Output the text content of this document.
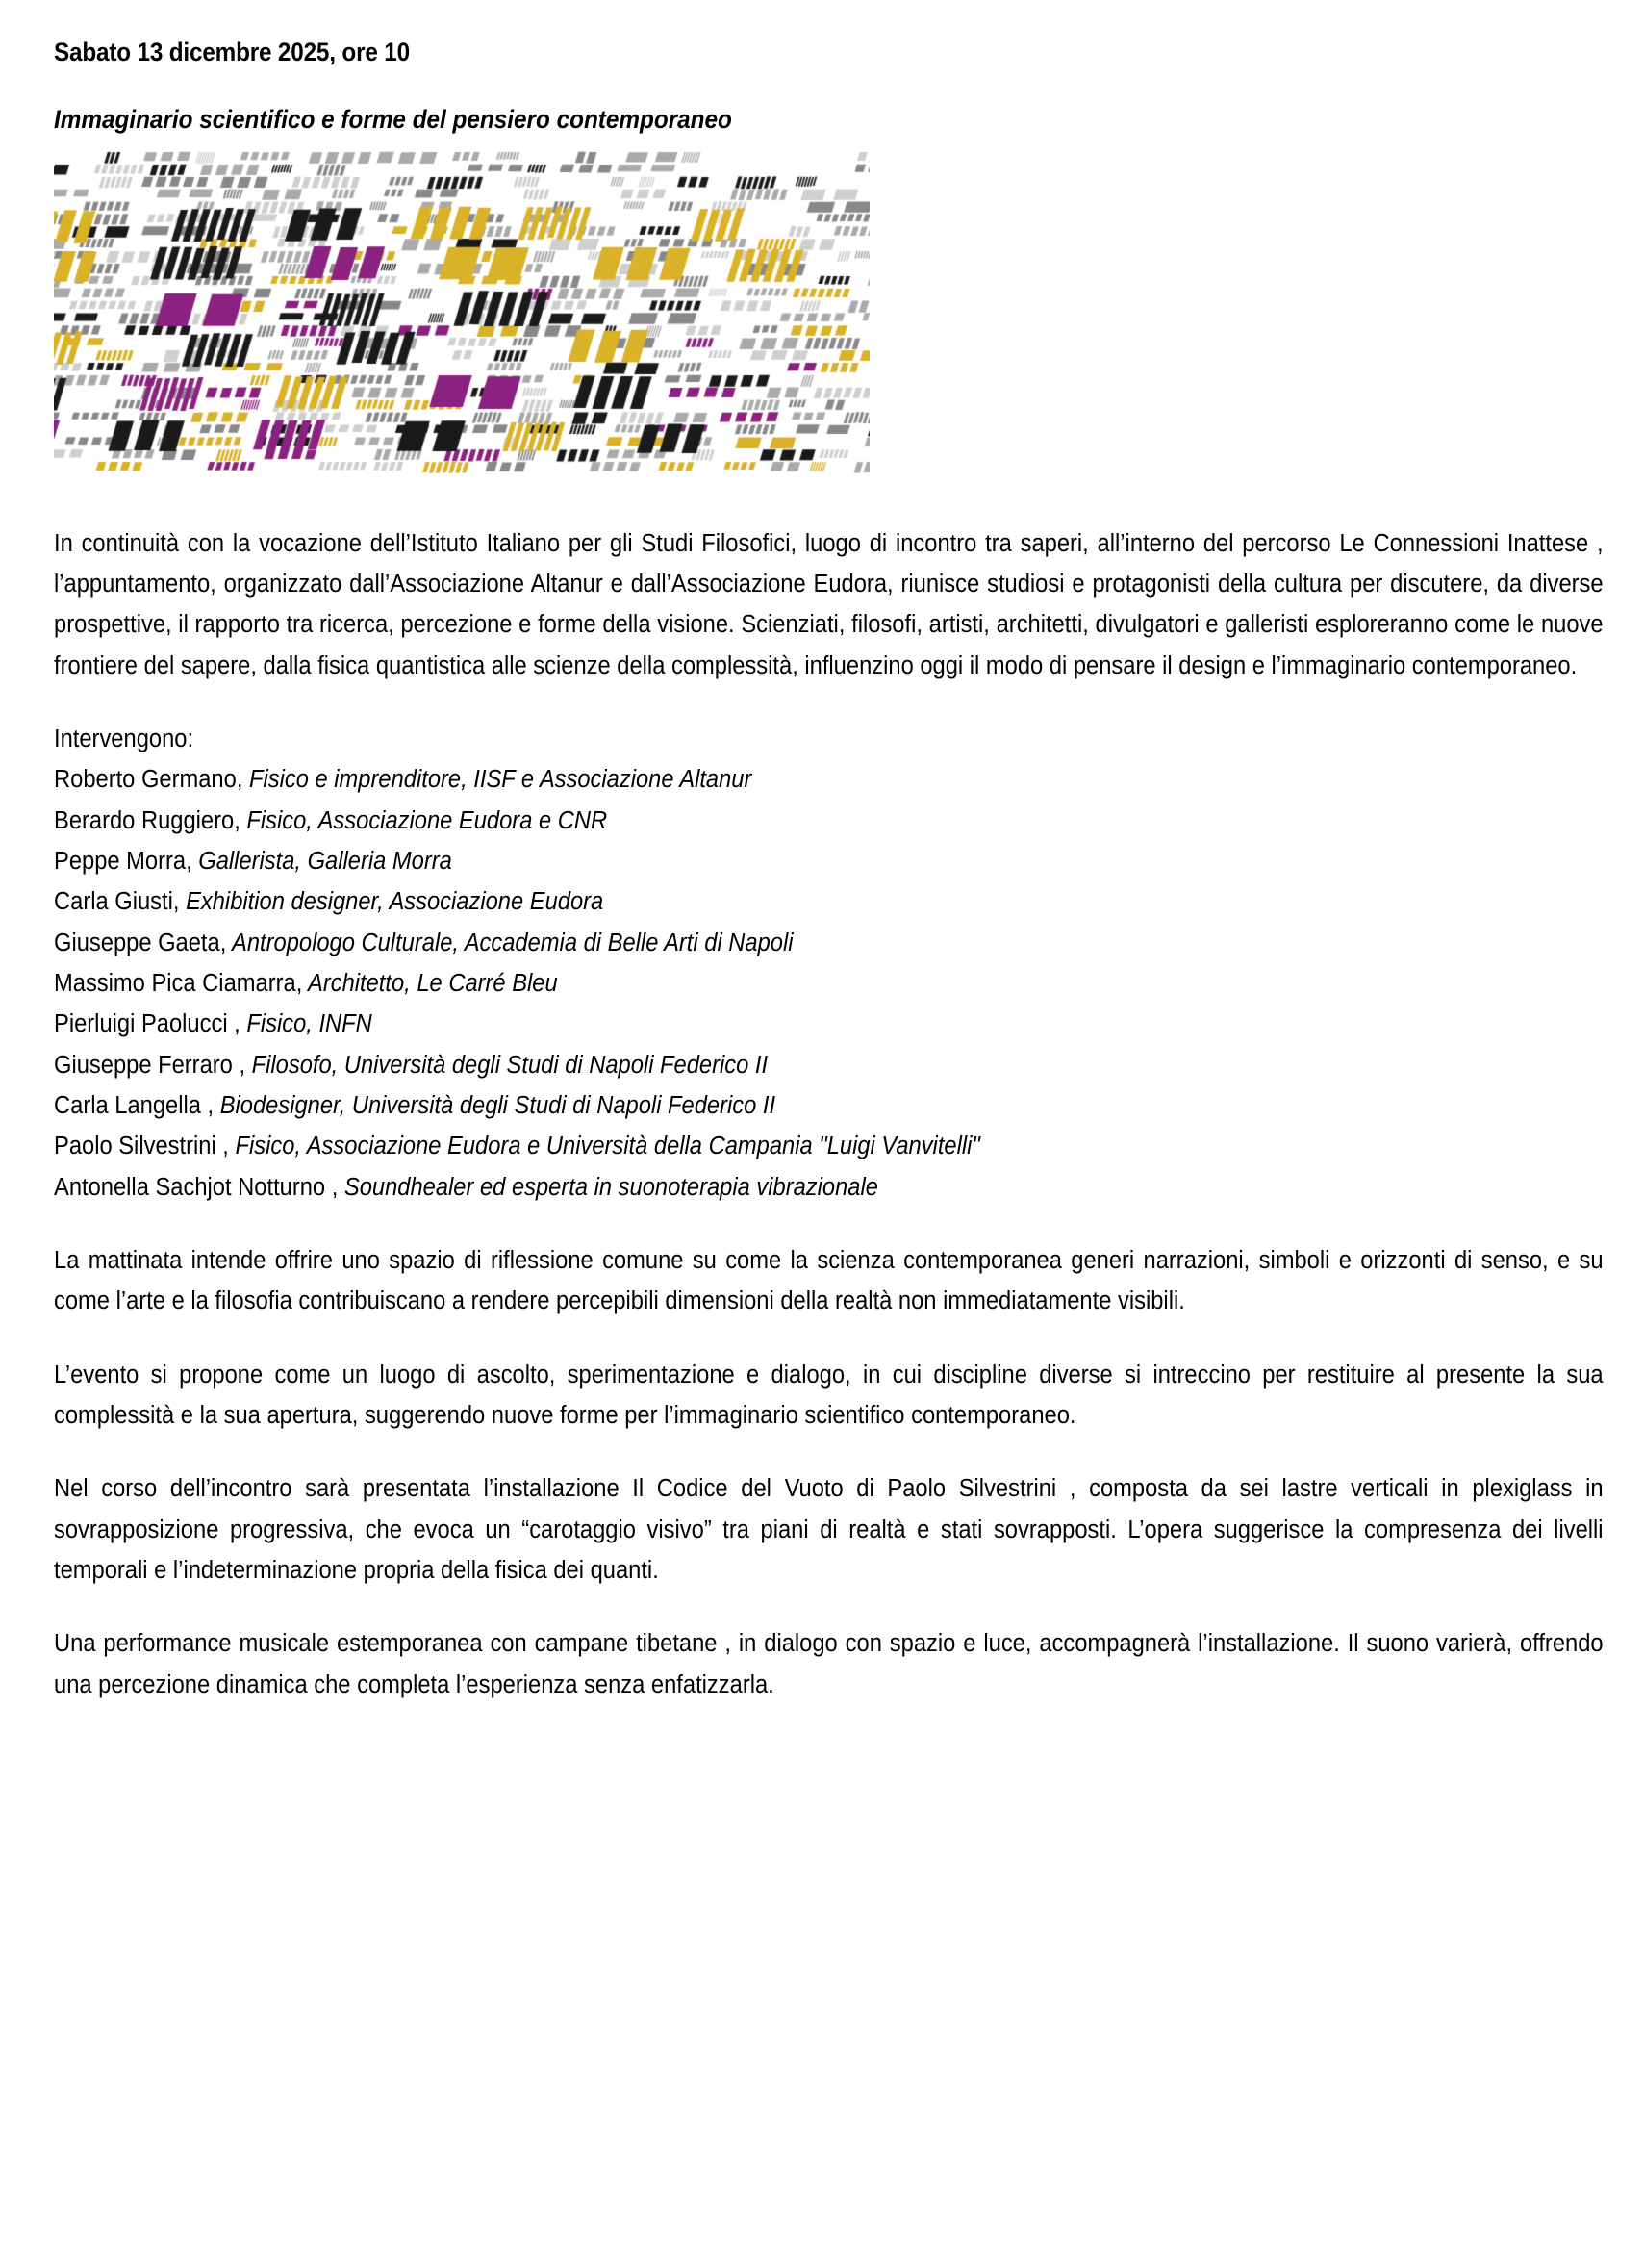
Sabato 13 dicembre 2025, ore 10
Immaginario scientifico e forme del pensiero contemporaneo

In continuità con la vocazione dell’Istituto Italiano per gli Studi Filosofici, luogo di incontro tra saperi, all’interno del percorso Le Connessioni Inattese , l’appuntamento, organizzato dall’Associazione Altanur e dall’Associazione Eudora, riunisce studiosi e protagonisti della cultura per discutere, da diverse prospettive, il rapporto tra ricerca, percezione e forme della visione. Scienziati, filosofi, artisti, architetti, divulgatori e galleristi esploreranno come le nuove frontiere del sapere, dalla fisica quantistica alle scienze della complessità, influenzino oggi il modo di pensare il design e l’immaginario contemporaneo.

Intervengono:
Roberto Germano, Fisico e imprenditore, IISF e Associazione Altanur
Berardo Ruggiero, Fisico, Associazione Eudora e CNR
Peppe Morra, Gallerista, Galleria Morra
Carla Giusti, Exhibition designer, Associazione Eudora
Giuseppe Gaeta, Antropologo Culturale, Accademia di Belle Arti di Napoli
Massimo Pica Ciamarra, Architetto, Le Carré Bleu
Pierluigi Paolucci , Fisico, INFN
Giuseppe Ferraro , Filosofo, Università degli Studi di Napoli Federico II
Carla Langella , Biodesigner, Università degli Studi di Napoli Federico II
Paolo Silvestrini , Fisico, Associazione Eudora e Università della Campania "Luigi Vanvitelli"
Antonella Sachjot Notturno , Soundhealer ed esperta in suonoterapia vibrazionale

La mattinata intende offrire uno spazio di riflessione comune su come la scienza contemporanea generi narrazioni, simboli e orizzonti di senso, e su come l’arte e la filosofia contribuiscano a rendere percepibili dimensioni della realtà non immediatamente visibili.

L’evento si propone come un luogo di ascolto, sperimentazione e dialogo, in cui discipline diverse si intreccino per restituire al presente la sua complessità e la sua apertura, suggerendo nuove forme per l’immaginario scientifico contemporaneo.

Nel corso dell’incontro sarà presentata l’installazione Il Codice del Vuoto di Paolo Silvestrini , composta da sei lastre verticali in plexiglass in sovrapposizione progressiva, che evoca un “carotaggio visivo” tra piani di realtà e stati sovrapposti. L’opera suggerisce la compresenza dei livelli temporali e l’indeterminazione propria della fisica dei quanti.

Una performance musicale estemporanea con campane tibetane , in dialogo con spazio e luce, accompagnerà l’installazione. Il suono varierà, offrendo una percezione dinamica che completa l’esperienza senza enfatizzarla.
